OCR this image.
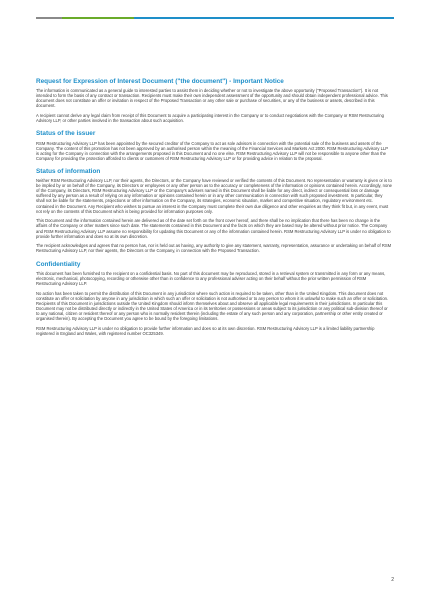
Request for Expression of Interest Document ("the document") - Important Notice

The information is communicated as a general guide to interested parties to assist them in deciding whether or not to investigate the above opportunity ("Proposed Transaction"). It is not intended to form the basis of any contract or transaction. Recipients must make their own independent assessment of the opportunity and should obtain independent professional advice. This document does not constitute an offer or invitation in respect of the Proposed Transaction or any other sale or purchase of securities, or any of the business or assets, described in this document.

A recipient cannot derive any legal claim from receipt of this Document to acquire a participating interest in the Company or to conduct negotiations with the Company or RSM Restructuring Advisory LLP, or other parties involved in the transaction about such acquisition.

Status of the issuer

RSM Restructuring Advisory LLP has been appointed by the secured creditor of the Company to act as sole advisors in connection with the potential sale of the business and assets of the Company. The content of this promotion has not been approved by an authorised person within the meaning of the Financial Services and Markets Act 2000. RSM Restructuring Advisory LLP is acting for the Company in connection with the arrangements proposed in this Document and no one else. RSM Restructuring Advisory LLP will not be responsible to anyone other than the Company for providing the protection afforded to clients or customers of RSM Restructuring Advisory LLP or for providing advice in relation to the proposal.

Status of information

Neither RSM Restructuring Advisory LLP, nor their agents, the Directors, or the Company have reviewed or verified the contents of this Document. No representation or warranty is given or is to be implied by or on behalf of the Company, its Directors or employees or any other person as to the accuracy or completeness of the information or opinions contained herein. Accordingly, none of the Company, its Directors, RSM Restructuring Advisory LLP or the Company's advisers named in this Document shall be liable for any direct, indirect or consequential loss or damage suffered by any person as a result of relying on any information or opinions contained herein or in any other communication in connection with such proposed investment. In particular, they shall not be liable for the statements, projections or other information on the Company, its strategies, economic situation, market and competitive situation, regulatory environment etc. contained in the Document. Any Recipient who wishes to pursue an interest in the Company must complete their own due diligence and other enquiries as they think fit but, in any event, must not rely on the contents of this Document which is being provided for information purposes only.

This Document and the information contained herein are delivered as of the date set forth on the front cover hereof, and there shall be no implication that there has been no change in the affairs of the Company or other matters since such date. The statements contained in this Document and the facts on which they are based may be altered without prior notice. The Company and RSM Restructuring Advisory LLP assume no responsibility for updating this Document or any of the information contained herein. RSM Restructuring Advisory LLP is under no obligation to provide further information and does so at its own discretion.

The recipient acknowledges and agrees that no person has, nor is held out as having, any authority to give any statement, warranty, representation, assurance or undertaking on behalf of RSM Restructuring Advisory LLP, nor their agents, the Directors or the Company, in connection with the Proposed Transaction.

Confidentiality

This document has been furnished to the recipient on a confidential basis. No part of this document may be reproduced, stored in a retrieval system or transmitted in any form or any means, electronic, mechanical, photocopying, recording or otherwise other than in confidence to any professional adviser acting on their behalf without the prior written permission of RSM Restructuring Advisory LLP.

No action has been taken to permit the distribution of this Document in any jurisdiction where such action is required to be taken, other than in the United Kingdom. This document does not constitute an offer or solicitation by anyone in any jurisdiction in which such an offer or solicitation is not authorised or to any person to whom it is unlawful to make such an offer or solicitation. Recipients of this Document in jurisdictions outside the United Kingdom should inform themselves about and observe all applicable legal requirements in their jurisdictions. In particular this Document may not be distributed directly or indirectly in the United States of America or in its territories or possessions or areas subject to its jurisdiction or any political sub-division thereof or to any national, citizen or resident thereof or any person who is normally resident therein (including the estate of any such person and any corporation, partnership or other entity created or organised therein). By accepting the Document you agree to be bound by the foregoing limitations.

RSM Restructuring Advisory LLP is under no obligation to provide further information and does so at its own discretion. RSM Restructuring Advisory LLP is a limited liability partnership registered in England and Wales, with registered number OC325349.

2
